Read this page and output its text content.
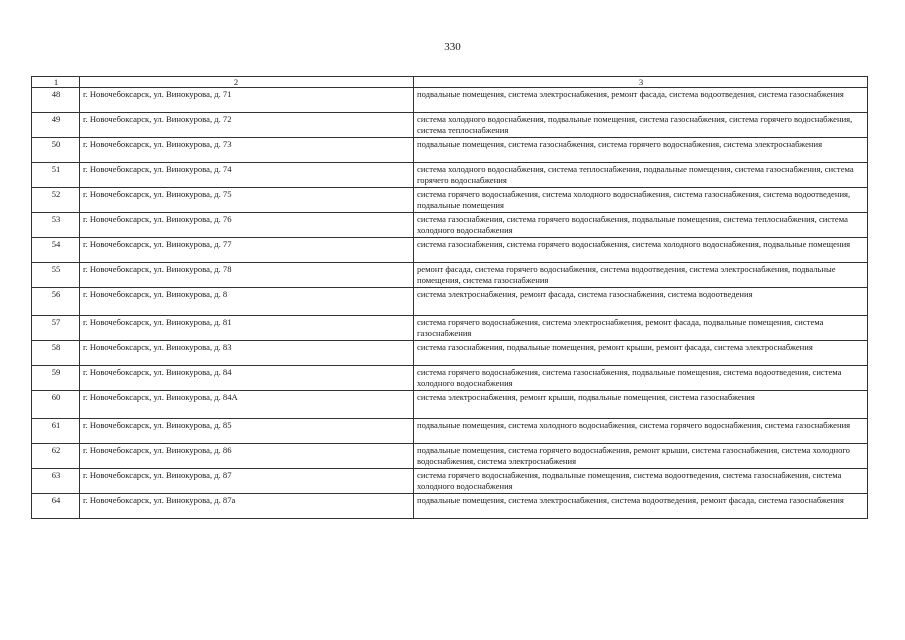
330
1	2	3
48	г. Новочебоксарск, ул. Винокурова, д. 71	подвальные помещения, система электроснабжения, ремонт фасада, система водоотведения, система газоснабжения
49	г. Новочебоксарск, ул. Винокурова, д. 72	система холодного водоснабжения, подвальные помещения, система газоснабжения, система горячего водоснабжения, система теплоснабжения
50	г. Новочебоксарск, ул. Винокурова, д. 73	подвальные помещения, система газоснабжения, система горячего водоснабжения, система электроснабжения
51	г. Новочебоксарск, ул. Винокурова, д. 74	система холодного водоснабжения, система теплоснабжения, подвальные помещения, система газоснабжения, система горячего водоснабжения
52	г. Новочебоксарск, ул. Винокурова, д. 75	система горячего водоснабжения, система холодного водоснабжения, система газоснабжения, система водоотведения, подвальные помещения
53	г. Новочебоксарск, ул. Винокурова, д. 76	система газоснабжения, система горячего водоснабжения, подвальные помещения, система теплоснабжения, система холодного водоснабжения
54	г. Новочебоксарск, ул. Винокурова, д. 77	система газоснабжения, система горячего водоснабжения, система холодного водоснабжения, подвальные помещения
55	г. Новочебоксарск, ул. Винокурова, д. 78	ремонт фасада, система горячего водоснабжения, система водоотведения, система электроснабжения, подвальные помещения, система газоснабжения
56	г. Новочебоксарск, ул. Винокурова, д. 8	система электроснабжения, ремонт фасада, система газоснабжения, система водоотведения
57	г. Новочебоксарск, ул. Винокурова, д. 81	система горячего водоснабжения, система электроснабжения, ремонт фасада, подвальные помещения, система газоснабжения
58	г. Новочебоксарск, ул. Винокурова, д. 83	система газоснабжения, подвальные помещения, ремонт крыши, ремонт фасада, система электроснабжения
59	г. Новочебоксарск, ул. Винокурова, д. 84	система горячего водоснабжения, система газоснабжения, подвальные помещения, система водоотведения, система холодного водоснабжения
60	г. Новочебоксарск, ул. Винокурова, д. 84А	система электроснабжения, ремонт крыши, подвальные помещения, система газоснабжения
61	г. Новочебоксарск, ул. Винокурова, д. 85	подвальные помещения, система холодного водоснабжения, система горячего водоснабжения, система газоснабжения
62	г. Новочебоксарск, ул. Винокурова, д. 86	подвальные помещения, система горячего водоснабжения, ремонт крыши, система газоснабжения, система холодного водоснабжения, система электроснабжения
63	г. Новочебоксарск, ул. Винокурова, д. 87	система горячего водоснабжения, подвальные помещения, система водоотведения, система газоснабжения, система холодного водоснабжения
64	г. Новочебоксарск, ул. Винокурова, д. 87а	подвальные помещения, система электроснабжения, система водоотведения, ремонт фасада, система газоснабжения
